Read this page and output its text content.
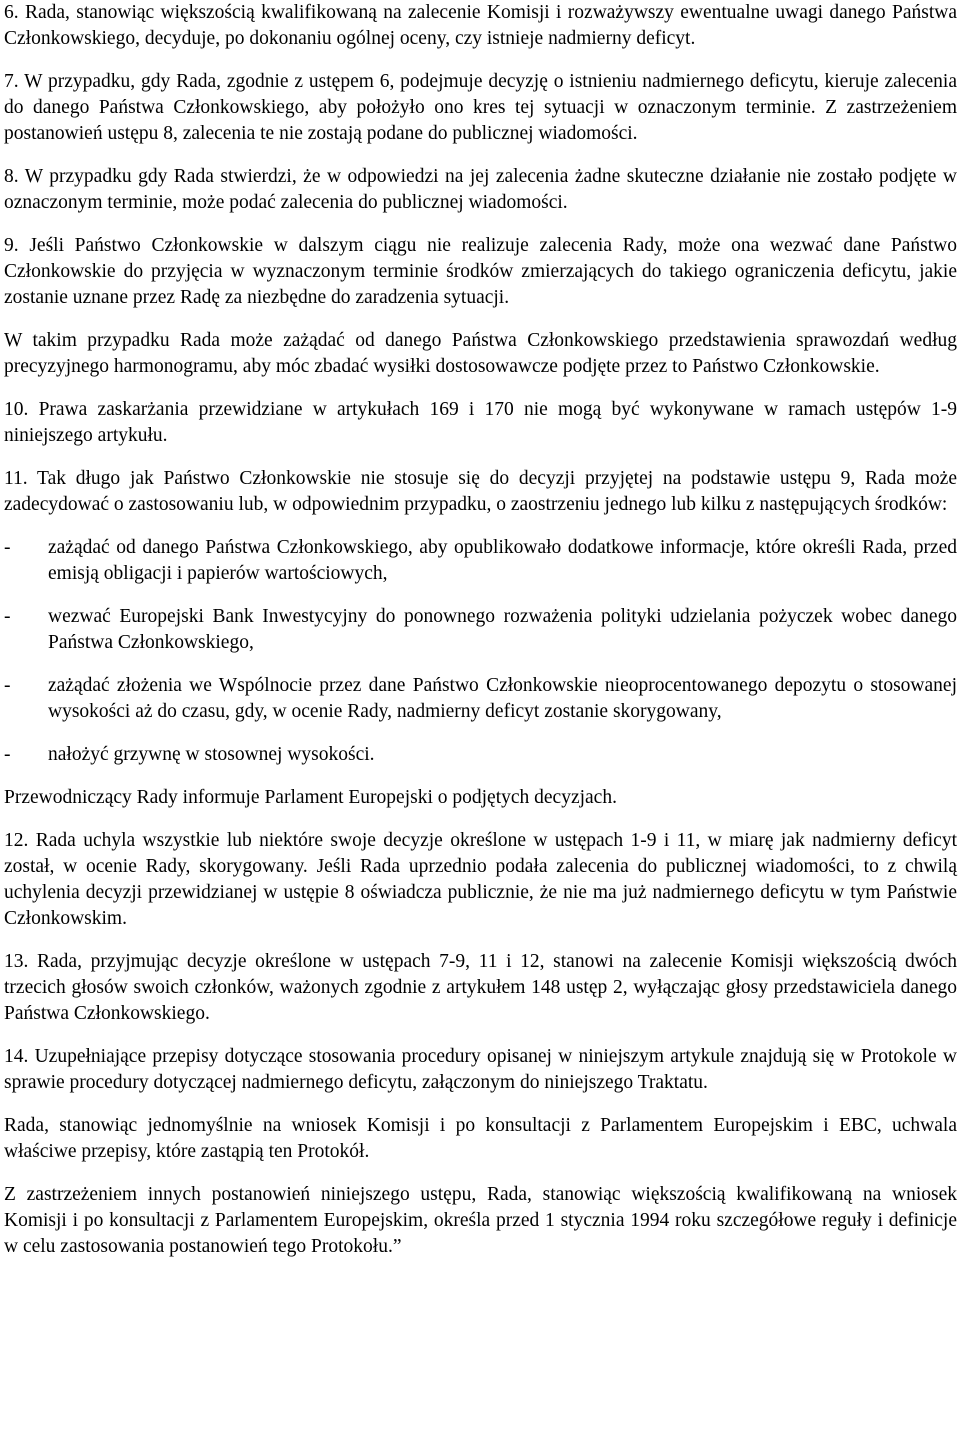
6. Rada, stanowiąc większością kwalifikowaną na zalecenie Komisji i rozważywszy ewentualne uwagi danego Państwa Członkowskiego, decyduje, po dokonaniu ogólnej oceny, czy istnieje nadmierny deficyt.

7. W przypadku, gdy Rada, zgodnie z ustępem 6, podejmuje decyzję o istnieniu nadmiernego deficytu, kieruje zalecenia do danego Państwa Członkowskiego, aby położyło ono kres tej sytuacji w oznaczonym terminie. Z zastrzeżeniem postanowień ustępu 8, zalecenia te nie zostają podane do publicznej wiadomości.

8. W przypadku gdy Rada stwierdzi, że w odpowiedzi na jej zalecenia żadne skuteczne działanie nie zostało podjęte w oznaczonym terminie, może podać zalecenia do publicznej wiadomości.

9. Jeśli Państwo Członkowskie w dalszym ciągu nie realizuje zalecenia Rady, może ona wezwać dane Państwo Członkowskie do przyjęcia w wyznaczonym terminie środków zmierzających do takiego ograniczenia deficytu, jakie zostanie uznane przez Radę za niezbędne do zaradzenia sytuacji.

W takim przypadku Rada może zażądać od danego Państwa Członkowskiego przedstawienia sprawozdań według precyzyjnego harmonogramu, aby móc zbadać wysiłki dostosowawcze podjęte przez to Państwo Członkowskie.

10. Prawa zaskarżania przewidziane w artykułach 169 i 170 nie mogą być wykonywane w ramach ustępów 1-9 niniejszego artykułu.

11. Tak długo jak Państwo Członkowskie nie stosuje się do decyzji przyjętej na podstawie ustępu 9, Rada może zadecydować o zastosowaniu lub, w odpowiednim przypadku, o zaostrzeniu jednego lub kilku z następujących środków:

- zażądać od danego Państwa Członkowskiego, aby opublikowało dodatkowe informacje, które określi Rada, przed emisją obligacji i papierów wartościowych,
- wezwać Europejski Bank Inwestycyjny do ponownego rozważenia polityki udzielania pożyczek wobec danego Państwa Członkowskiego,
- zażądać złożenia we Wspólnocie przez dane Państwo Członkowskie nieoprocentowanego depozytu o stosowanej wysokości aż do czasu, gdy, w ocenie Rady, nadmierny deficyt zostanie skorygowany,
- nałożyć grzywnę w stosownej wysokości.

Przewodniczący Rady informuje Parlament Europejski o podjętych decyzjach.

12. Rada uchyla wszystkie lub niektóre swoje decyzje określone w ustępach 1-9 i 11, w miarę jak nadmierny deficyt został, w ocenie Rady, skorygowany. Jeśli Rada uprzednio podała zalecenia do publicznej wiadomości, to z chwilą uchylenia decyzji przewidzianej w ustępie 8 oświadcza publicznie, że nie ma już nadmiernego deficytu w tym Państwie Członkowskim.

13. Rada, przyjmując decyzje określone w ustępach 7-9, 11 i 12, stanowi na zalecenie Komisji większością dwóch trzecich głosów swoich członków, ważonych zgodnie z artykułem 148 ustęp 2, wyłączając głosy przedstawiciela danego Państwa Członkowskiego.

14. Uzupełniające przepisy dotyczące stosowania procedury opisanej w niniejszym artykule znajdują się w Protokole w sprawie procedury dotyczącej nadmiernego deficytu, załączonym do niniejszego Traktatu.

Rada, stanowiąc jednomyślnie na wniosek Komisji i po konsultacji z Parlamentem Europejskim i EBC, uchwala właściwe przepisy, które zastąpią ten Protokół.

Z zastrzeżeniem innych postanowień niniejszego ustępu, Rada, stanowiąc większością kwalifikowaną na wniosek Komisji i po konsultacji z Parlamentem Europejskim, określa przed 1 stycznia 1994 roku szczegółowe reguły i definicje w celu zastosowania postanowień tego Protokołu.”
